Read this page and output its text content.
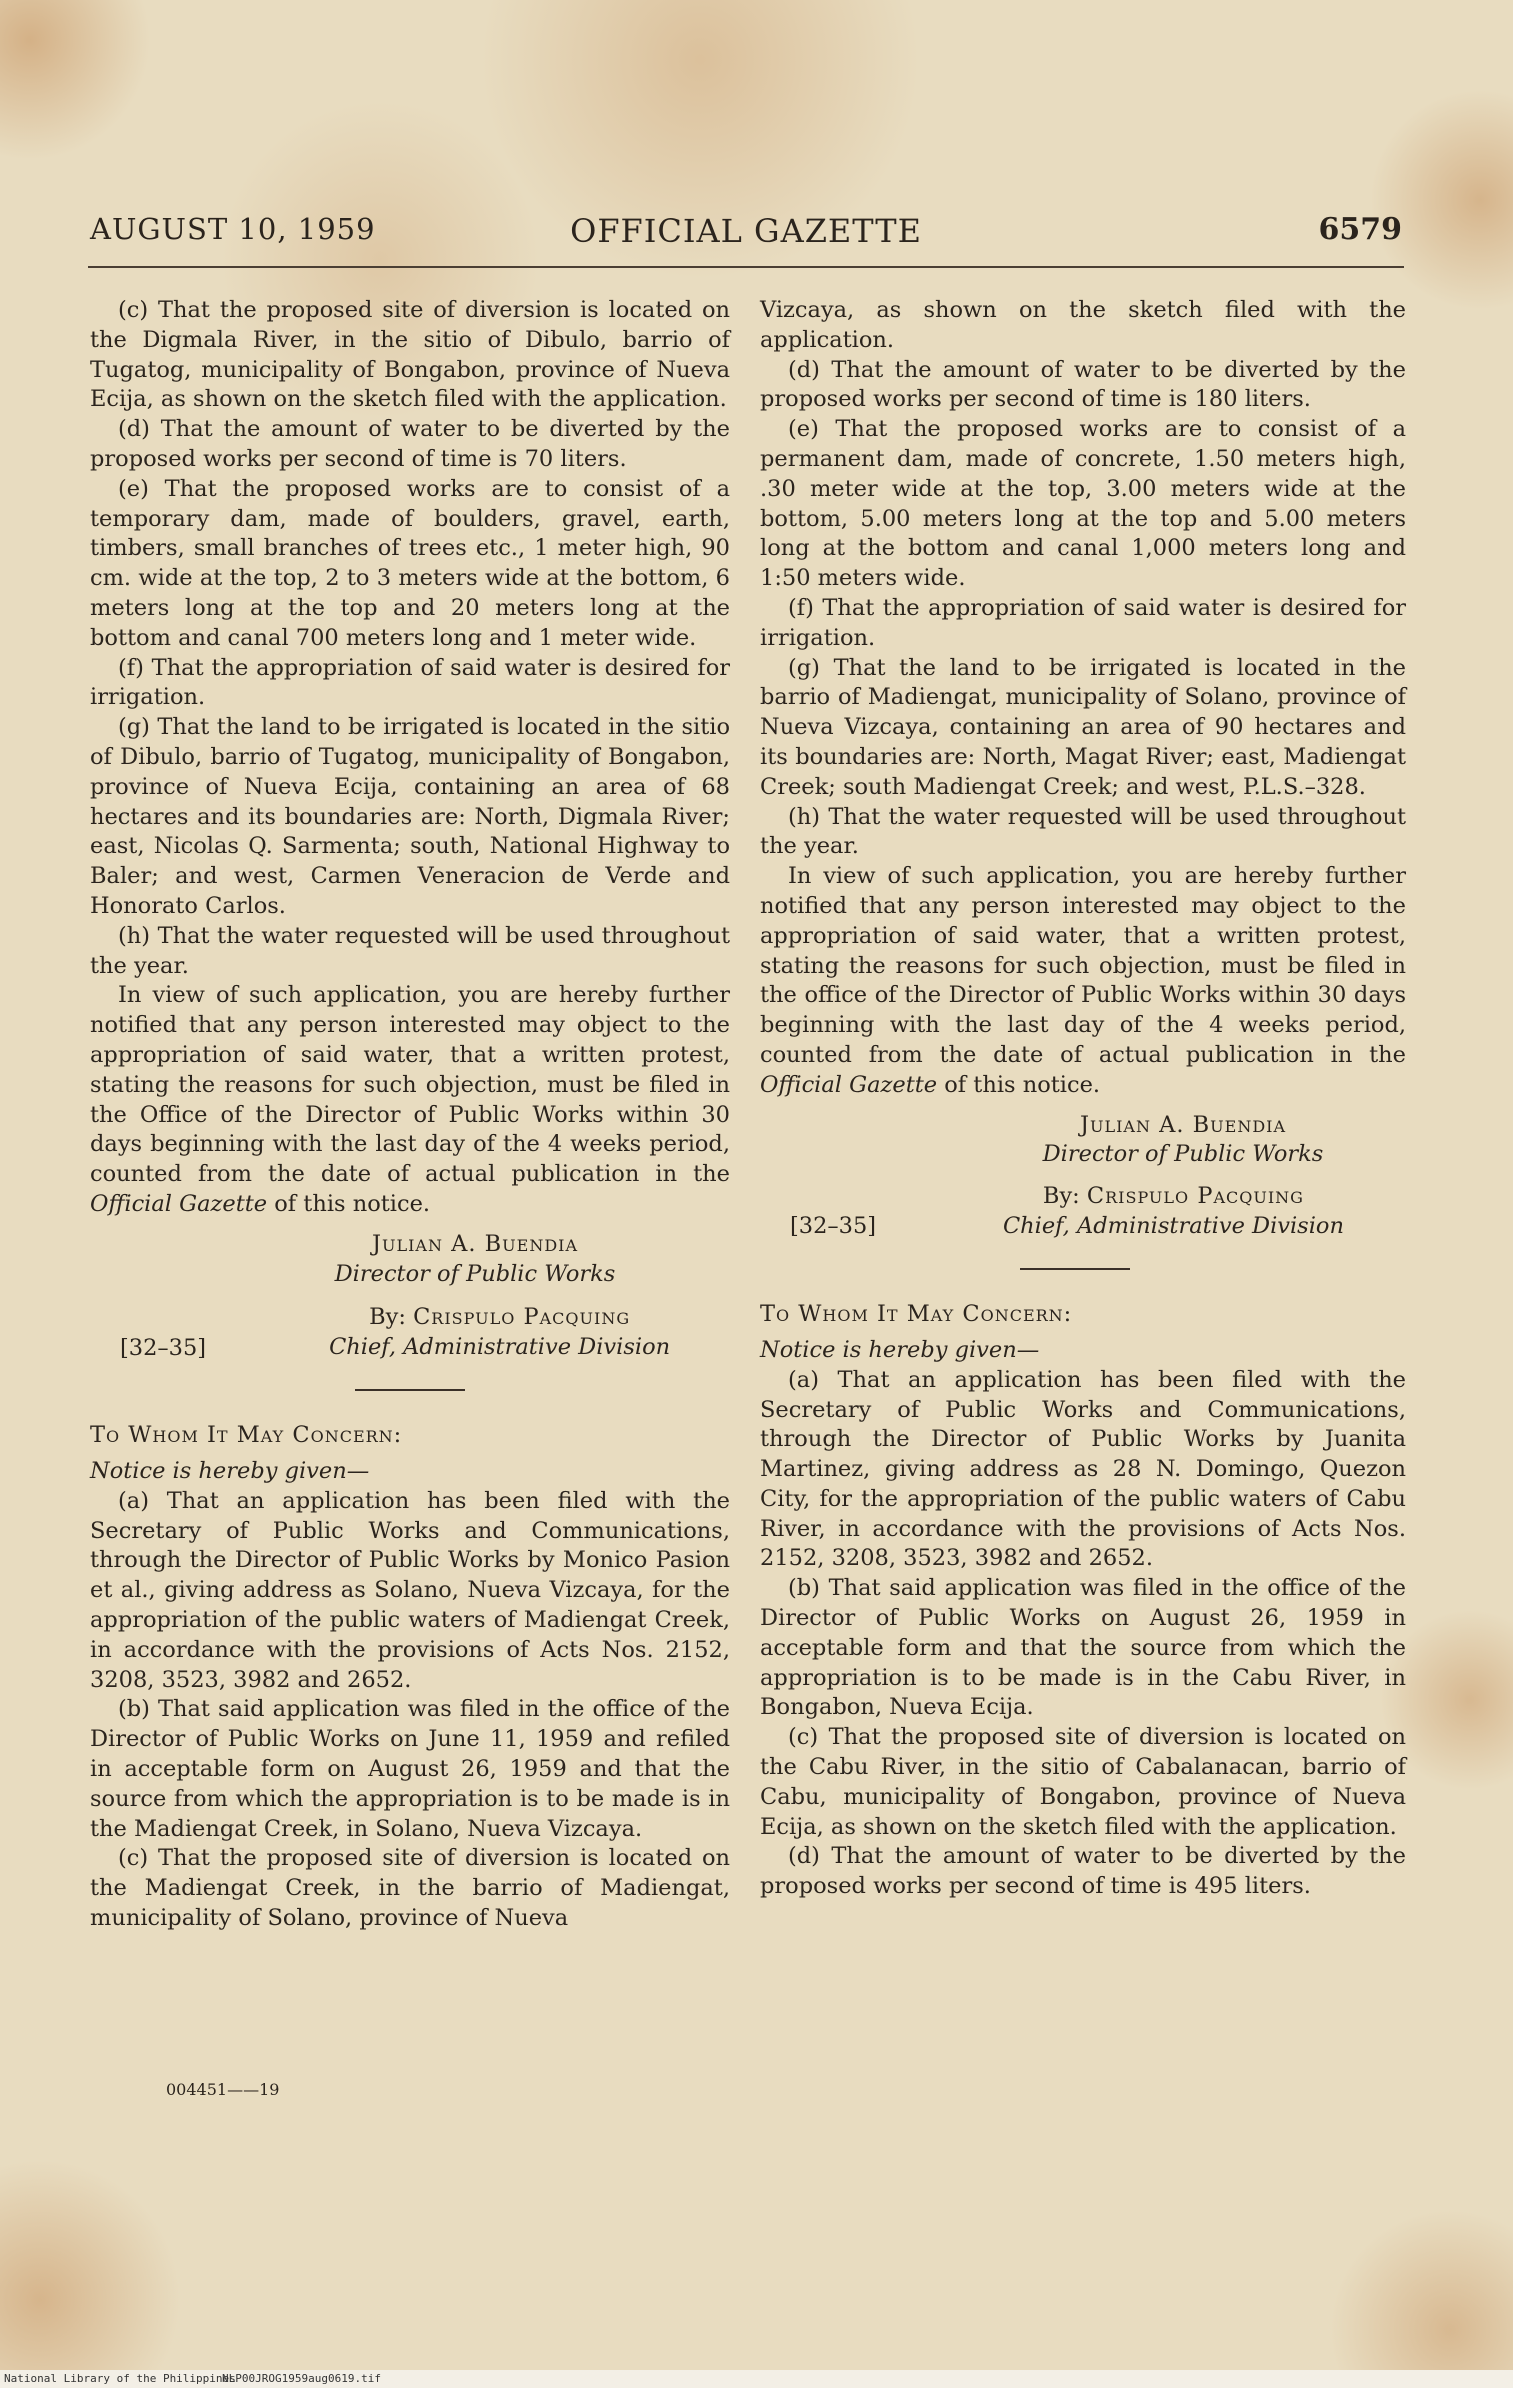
AUGUST 10, 1959	OFFICIAL GAZETTE	6579

(c) That the proposed site of diversion is located on the Digmala River, in the sitio of Dibulo, barrio of Tugatog, municipality of Bongabon, province of Nueva Ecija, as shown on the sketch filed with the application.

(d) That the amount of water to be diverted by the proposed works per second of time is 70 liters.

(e) That the proposed works are to consist of a temporary dam, made of boulders, gravel, earth, timbers, small branches of trees etc., 1 meter high, 90 cm. wide at the top, 2 to 3 meters wide at the bottom, 6 meters long at the top and 20 meters long at the bottom and canal 700 meters long and 1 meter wide.

(f) That the appropriation of said water is desired for irrigation.

(g) That the land to be irrigated is located in the sitio of Dibulo, barrio of Tugatog, municipality of Bongabon, province of Nueva Ecija, containing an area of 68 hectares and its boundaries are: North, Digmala River; east, Nicolas Q. Sarmenta; south, National Highway to Baler; and west, Carmen Veneracion de Verde and Honorato Carlos.

(h) That the water requested will be used throughout the year.

In view of such application, you are hereby further notified that any person interested may object to the appropriation of said water, that a written protest, stating the reasons for such objection, must be filed in the Office of the Director of Public Works within 30 days beginning with the last day of the 4 weeks period, counted from the date of actual publication in the Official Gazette of this notice.

Julian A. Buendia
Director of Public Works
[32–35]
By: Crispulo Pacquing
Chief, Administrative Division

To Whom It May Concern:

Notice is hereby given—

(a) That an application has been filed with the Secretary of Public Works and Communications, through the Director of Public Works by Monico Pasion et al., giving address as Solano, Nueva Vizcaya, for the appropriation of the public waters of Madiengat Creek, in accordance with the provisions of Acts Nos. 2152, 3208, 3523, 3982 and 2652.

(b) That said application was filed in the office of the Director of Public Works on June 11, 1959 and refiled in acceptable form on August 26, 1959 and that the source from which the appropriation is to be made is in the Madiengat Creek, in Solano, Nueva Vizcaya.

(c) That the proposed site of diversion is located on the Madiengat Creek, in the barrio of Madiengat, municipality of Solano, province of Nueva

004451——19

Vizcaya, as shown on the sketch filed with the application.

(d) That the amount of water to be diverted by the proposed works per second of time is 180 liters.

(e) That the proposed works are to consist of a permanent dam, made of concrete, 1.50 meters high, .30 meter wide at the top, 3.00 meters wide at the bottom, 5.00 meters long at the top and 5.00 meters long at the bottom and canal 1,000 meters long and 1:50 meters wide.

(f) That the appropriation of said water is desired for irrigation.

(g) That the land to be irrigated is located in the barrio of Madiengat, municipality of Solano, province of Nueva Vizcaya, containing an area of 90 hectares and its boundaries are: North, Magat River; east, Madiengat Creek; south Madiengat Creek; and west, P.L.S.–328.

(h) That the water requested will be used throughout the year.

In view of such application, you are hereby further notified that any person interested may object to the appropriation of said water, that a written protest, stating the reasons for such objection, must be filed in the office of the Director of Public Works within 30 days beginning with the last day of the 4 weeks period, counted from the date of actual publication in the Official Gazette of this notice.

Julian A. Buendia
Director of Public Works
[32–35]
By: Crispulo Pacquing
Chief, Administrative Division

To Whom It May Concern:

Notice is hereby given—

(a) That an application has been filed with the Secretary of Public Works and Communications, through the Director of Public Works by Juanita Martinez, giving address as 28 N. Domingo, Quezon City, for the appropriation of the public waters of Cabu River, in accordance with the provisions of Acts Nos. 2152, 3208, 3523, 3982 and 2652.

(b) That said application was filed in the office of the Director of Public Works on August 26, 1959 in acceptable form and that the source from which the appropriation is to be made is in the Cabu River, in Bongabon, Nueva Ecija.

(c) That the proposed site of diversion is located on the Cabu River, in the sitio of Cabalanacan, barrio of Cabu, municipality of Bongabon, province of Nueva Ecija, as shown on the sketch filed with the application.

(d) That the amount of water to be diverted by the proposed works per second of time is 495 liters.

National Library of the Philippines
NLP00JROG1959aug0619.tif
